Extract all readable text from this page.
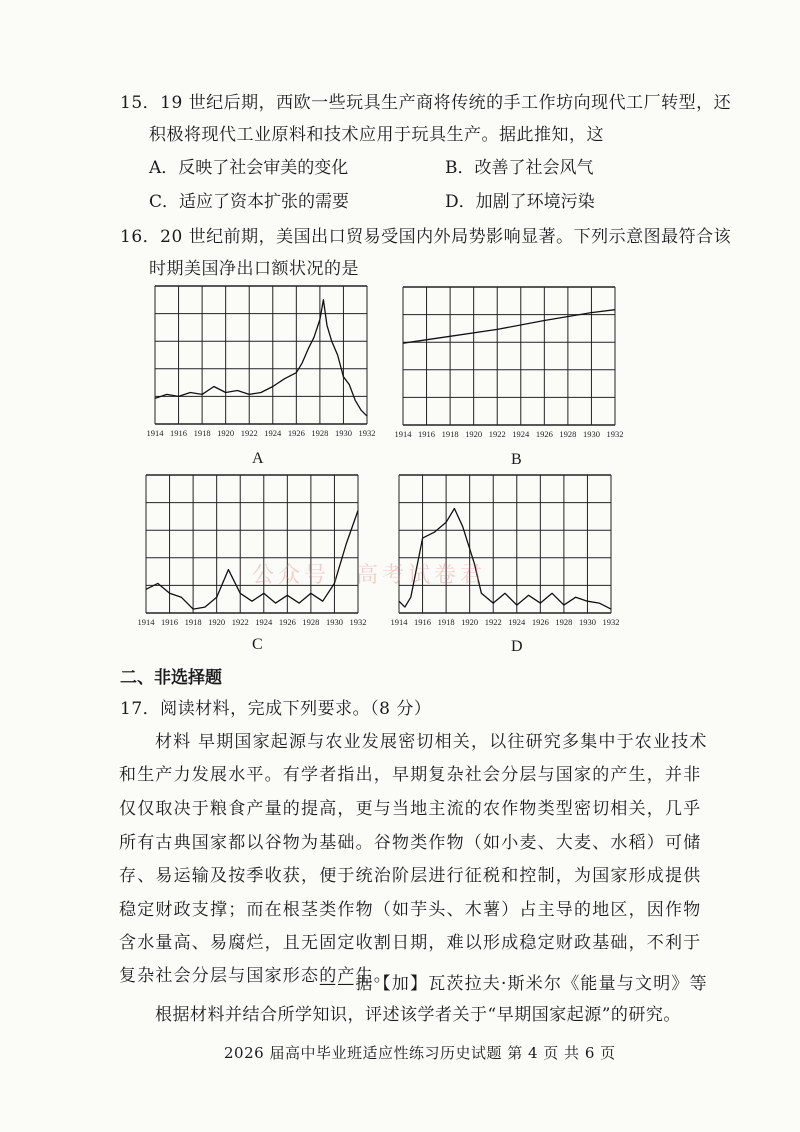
15．19 世纪后期，西欧一些玩具生产商将传统的手工作坊向现代工厂转型，还
积极将现代工业原料和技术应用于玩具生产。据此推知，这
A．反映了社会审美的变化	B．改善了社会风气
C．适应了资本扩张的需要	D．加剧了环境污染
16．20 世纪前期，美国出口贸易受国内外局势影响显著。下列示意图最符合该
时期美国净出口额状况的是
1914 1916 1918 1920 1922 1924 1926 1928 1930 1932
A
1914 1916 1918 1920 1922 1924 1926 1928 1930 1932
B
1914 1916 1918 1920 1922 1924 1926 1928 1930 1932
C
1914 1916 1918 1920 1922 1924 1926 1928 1930 1932
D
公众号：高考试卷君
二、非选择题
17．阅读材料，完成下列要求。（8 分）
材料 早期国家起源与农业发展密切相关，以往研究多集中于农业技术
和生产力发展水平。有学者指出，早期复杂社会分层与国家的产生，并非
仅仅取决于粮食产量的提高，更与当地主流的农作物类型密切相关，几乎
所有古典国家都以谷物为基础。谷物类作物（如小麦、大麦、水稻）可储
存、易运输及按季收获，便于统治阶层进行征税和控制，为国家形成提供
稳定财政支撑；而在根茎类作物（如芋头、木薯）占主导的地区，因作物
含水量高、易腐烂，且无固定收割日期，难以形成稳定财政基础，不利于
复杂社会分层与国家形态的产生。
——据【加】瓦茨拉夫·斯米尔《能量与文明》等
根据材料并结合所学知识，评述该学者关于“早期国家起源”的研究。
2026 届高中毕业班适应性练习历史试题 第 4 页 共 6 页
